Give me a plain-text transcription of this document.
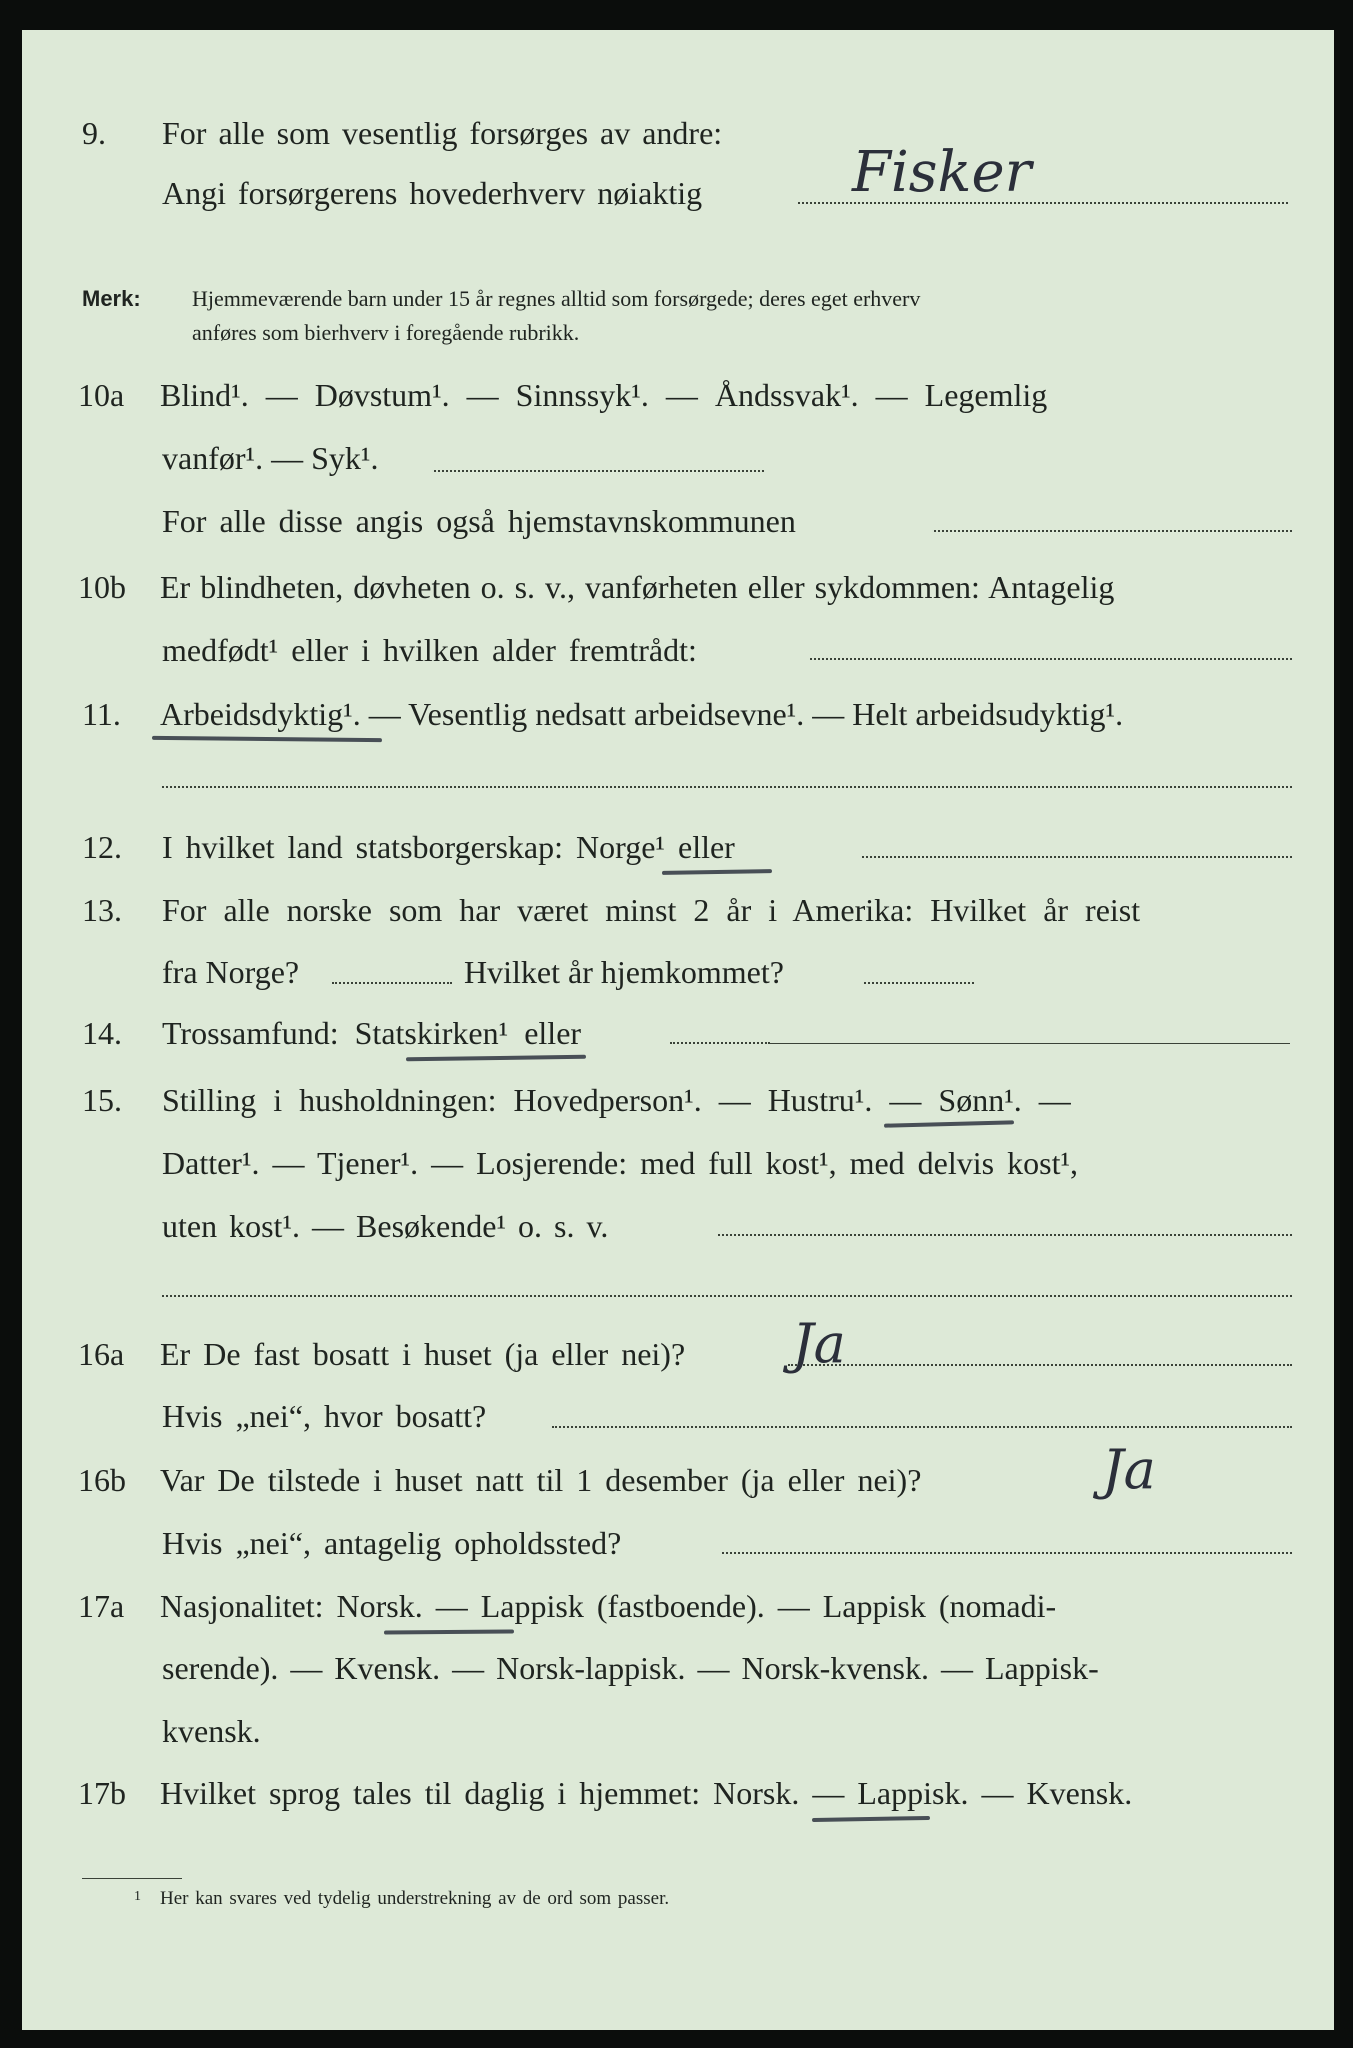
9. For alle som vesentlig forsørges av andre:
Angi forsørgerens hovederhverv nøiaktig	Fisker
Merk: Hjemmeværende barn under 15 år regnes alltid som forsørgede; deres eget erhverv
anføres som bierhverv i foregående rubrikk.
10a Blind¹. — Døvstum¹. — Sinnssyk¹. — Åndssvak¹. — Legemlig
vanfør¹. — Syk¹.
For alle disse angis også hjemstavnskommunen
10b Er blindheten, døvheten o. s. v., vanførheten eller sykdommen: Antagelig
medfødt¹ eller i hvilken alder fremtrådt:
11. Arbeidsdyktig¹. — Vesentlig nedsatt arbeidsevne¹. — Helt arbeidsudyktig¹.
12. I hvilket land statsborgerskap: Norge¹ eller
13. For alle norske som har været minst 2 år i Amerika: Hvilket år reist
fra Norge?	Hvilket år hjemkommet?
14. Trossamfund: Statskirken¹ eller
15. Stilling i husholdningen: Hovedperson¹. — Hustru¹. — Sønn¹. —
Datter¹. — Tjener¹. — Losjerende: med full kost¹, med delvis kost¹,
uten kost¹. — Besøkende¹ o. s. v.
16a Er De fast bosatt i huset (ja eller nei)? Ja
Hvis „nei“, hvor bosatt?
16b Var De tilstede i huset natt til 1 desember (ja eller nei)?	Ja
Hvis „nei“, antagelig opholdssted?
17a Nasjonalitet: Norsk. — Lappisk (fastboende). — Lappisk (nomadi-
serende). — Kvensk. — Norsk-lappisk. — Norsk-kvensk. — Lappisk-
kvensk.
17b Hvilket sprog tales til daglig i hjemmet: Norsk. — Lappisk. — Kvensk.
1 Her kan svares ved tydelig understrekning av de ord som passer.
